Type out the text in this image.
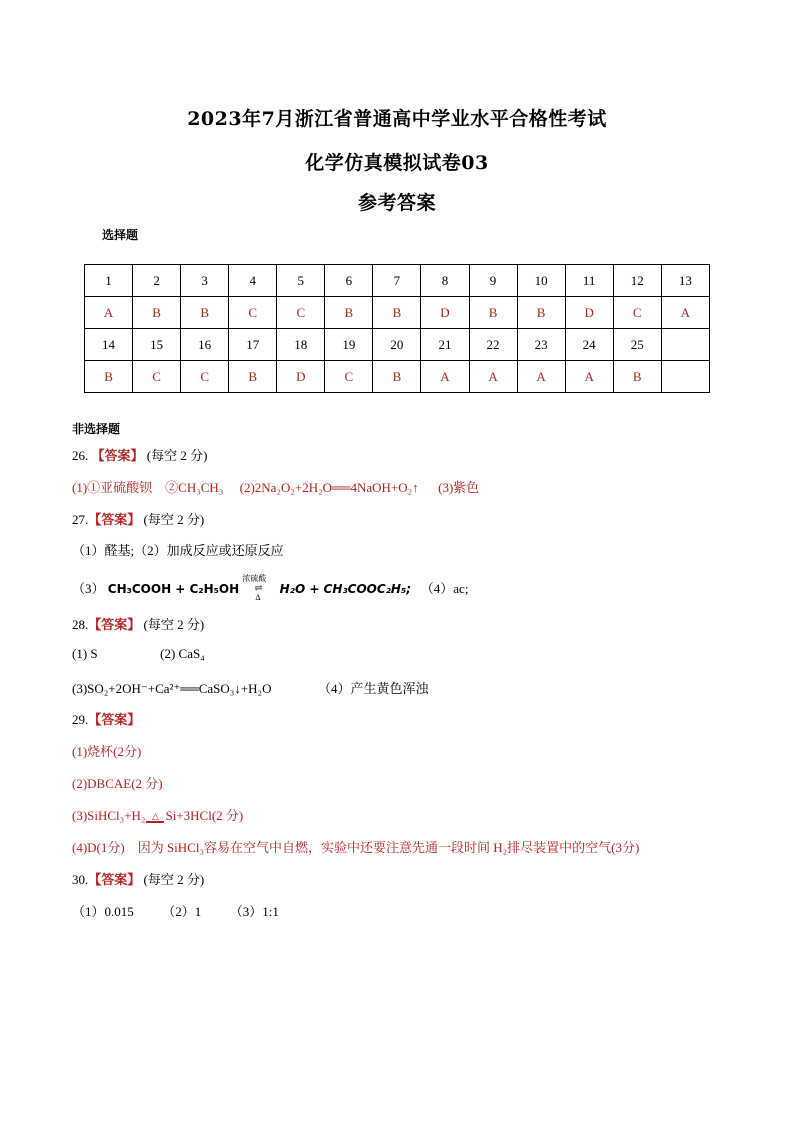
2023年7月浙江省普通高中学业水平合格性考试
化学仿真模拟试卷03
参考答案
选择题
1	2	3	4	5	6	7	8	9	10	11	12	13
A	B	B	C	C	B	B	D	B	B	D	C	A
14	15	16	17	18	19	20	21	22	23	24	25	
B	C	C	B	D	C	B	A	A	A	A	B	
非选择题
26. 【答案】 (每空 2 分)
(1)①亚硫酸钡 ②CH₃CH₃ (2)2Na₂O₂+2H₂O══4NaOH+O₂↑ (3)紫色
27.【答案】 (每空 2 分)
（1）醛基;（2）加成反应或还原反应
（3） CH₃COOH + C₂H₅OH
浓硫酸
⇌
Δ
H₂O + CH₃COOC₂H₅; （4）ac;
28.【答案】 (每空 2 分)
(1) S	(2) CaS₄
(3)SO₂+2OH⁻+Ca²⁺══CaSO₃↓+H₂O	（4）产生黄色浑浊
29.【答案】
(1)烧杯(2分)
(2)DBCAE(2 分)
(3)SiHCl₃+H₂ △ Si+3HCl(2 分)
(4)D(1分)　因为 SiHCl₃容易在空气中自燃，实验中还要注意先通一段时间 H₂排尽装置中的空气(3分)
30.【答案】 (每空 2 分)
（1）0.015 （2）1 （3）1:1
